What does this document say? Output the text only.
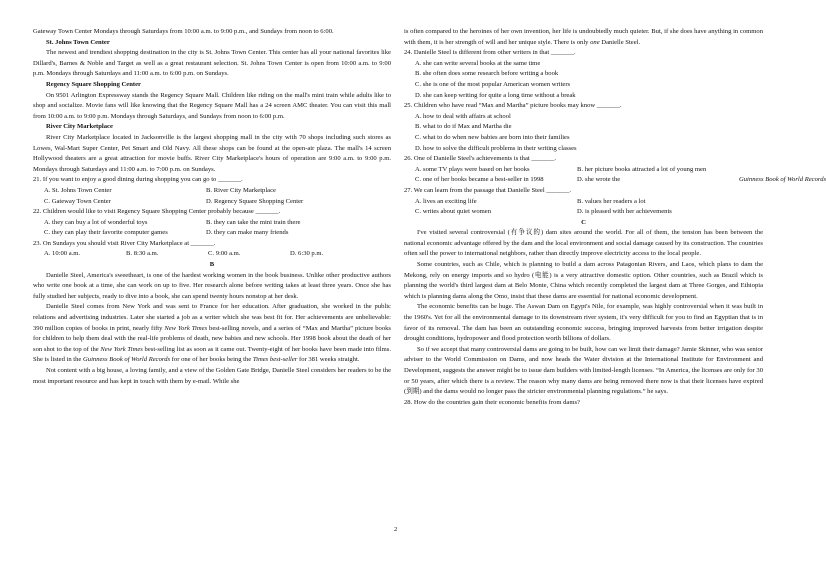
Gateway Town Center Mondays through Saturdays from 10:00 a.m. to 9:00 p.m., and Sundays from noon to 6:00.

St. Johns Town Center

The newest and trendiest shopping destination in the city is St. Johns Town Center. This center has all your national favorites like Dillard's, Barnes & Noble and Target as well as a great restaurant selection. St. Johns Town Center is open from 10:00 a.m. to 9:00 p.m. Mondays through Saturdays and 11:00 a.m. to 6:00 p.m. on Sundays.

Regency Square Shopping Center

On 9501 Arlington Expressway stands the Regency Square Mall. Children like riding on the mall's mini train while adults like to shop and socialize. Movie fans will like knowing that the Regency Square Mall has a 24 screen AMC theater. You can visit this mall from 10:00 a.m. to 9:00 p.m. Mondays through Saturdays, and Sundays from noon to 6:00 p.m.

River City Marketplace

River City Marketplace located in Jacksonville is the largest shopping mall in the city with 70 shops including such stores as Lowes, Wal-Mart Super Center, Pet Smart and Old Navy. All these shops can be found at the open-air plaza. The mall's 14 screen Hollywood theaters are a great attraction for movie buffs. River City Marketplace's hours of operation are 9:00 a.m. to 9:00 p.m. Mondays through Saturdays and 11:00 a.m. to 7:00 p.m. on Sundays.

21. If you want to enjoy a good dining during shopping you can go to _______.

A. St. Johns Town Center	B. River City Marketplace
C. Gateway Town Center	D. Regency Square Shopping Center

22. Children would like to visit Regency Square Shopping Center probably because _______.

A. they can buy a lot of wonderful toys	B. they can take the mini train there
C. they can play their favorite computer games	D. they can make many friends

23. On Sundays you should visit River City Marketplace at _______.

A. 10:00 a.m.	B. 8:30 a.m.	C. 9:00 a.m.	D. 6:30 p.m.

B

Danielle Steel, America's sweetheart, is one of the hardest working women in the book business. Unlike other productive authors who write one book at a time, she can work on up to five. Her research alone before writing takes at least three years. Once she has fully studied her subjects, ready to dive into a book, she can spend twenty hours nonstop at her desk.

Danielle Steel comes from New York and was sent to France for her education. After graduation, she worked in the public relations and advertising industries. Later she started a job as a writer which she was best fit for. Her achievements are unbelievable: 390 million copies of books in print, nearly fifty New York Times best-selling novels, and a series of “Max and Martha” picture books for children to help them deal with the real-life problems of death, new babies and new schools. Her 1998 book about the death of her son shot to the top of the New York Times best-selling list as soon as it came out. Twenty-eight of her books have been made into films. She is listed in the Guinness Book of World Records for one of her books being the Times best-seller for 381 weeks straight.

Not content with a big house, a loving family, and a view of the Golden Gate Bridge, Danielle Steel considers her readers to be the most important resource and has kept in touch with them by e-mail. While she

is often compared to the heroines of her own invention, her life is undoubtedly much quieter. But, if she does have anything in common with them, it is her strength of will and her unique style. There is only one Danielle Steel.

24. Danielle Steel is different from other writers in that _______.

A. she can write several books at the same time

B. she often does some research before writing a book

C. she is one of the most popular American women writers

D. she can keep writing for quite a long time without a break

25. Children who have read “Max and Martha” picture books may know _______.

A. how to deal with affairs at school

B. what to do if Max and Martha die

C. what to do when new babies are born into their families

D. how to solve the difficult problems in their writing classes

26. One of Danielle Steel's achievements is that _______.

A. some TV plays were based on her books	B. her picture books attracted a lot of young men
C. one of her books became a best-seller in 1998	D. she wrote the	Guinness Book of World Records

27. We can learn from the passage that Danielle Steel _______.

A. lives an exciting life	B. values her readers a lot
C. writes about quiet women	D. is pleased with her achievements

C

I've visited several controversial (有争议的) dam sites around the world. For all of them, the tension has been between the national economic advantage offered by the dam and the local environment and social damage caused by its construction. The countries often sell the power to international neighbors, rather than directly improve electricity access to the local people.

Some countries, such as Chile, which is planning to build a dam across Patagonian Rivers, and Laos, which plans to dam the Mekong, rely on energy imports and so hydro (电能) is a very attractive domestic option. Other countries, such as Brazil which is planning the world's third largest dam at Belo Monte, China which recently completed the largest dam at Three Gorges, and Ethiopia which is planning dams along the Omo, insist that these dams are essential for national economic development.

The economic benefits can be huge. The Aswan Dam on Egypt's Nile, for example, was highly controversial when it was built in the 1960's. Yet for all the environmental damage to its downstream river system, it's very difficult for you to find an Egyptian that is in favor of its removal. The dam has been an outstanding economic success, bringing improved harvests from better irrigation despite drought conditions, hydropower and flood protection worth billions of dollars.

So if we accept that many controversial dams are going to be built, how can we limit their damage? Jamie Skinner, who was senior adviser to the World Commission on Dams, and now heads the Water division at the International Institute for Environment and Development, suggests the answer might be to issue dam builders with limited-length licenses. “In America, the licenses are only for 30 or 50 years, after which there is a review. The reason why many dams are being removed there now is that their licenses have expired (到期) and the dams would no longer pass the stricter environmental planning regulations.” he says.

28. How do the countries gain their economic benefits from dams?

2
